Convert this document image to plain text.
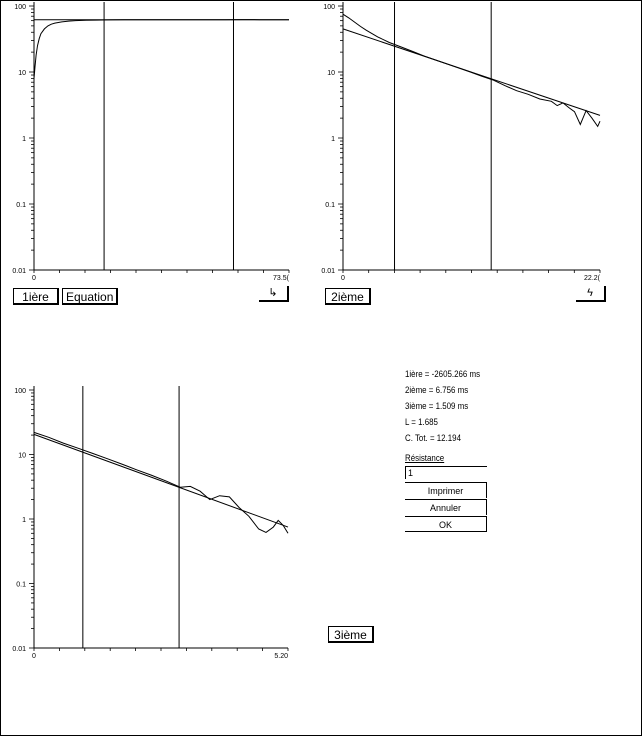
100
10
1
0.1
0.01
0	73.5(
100
10
1
0.1
0.01
0	22.2(
100
10
1
0.1
0.01
0	5.20
1ière	Equation	↳	2ième	ϟ
3ième
1ière = -2605.266 ms
2ième = 6.756 ms
3ième = 1.509 ms
L = 1.685
C. Tot. = 12.194
Résistance
1
Imprimer
Annuler
OK
